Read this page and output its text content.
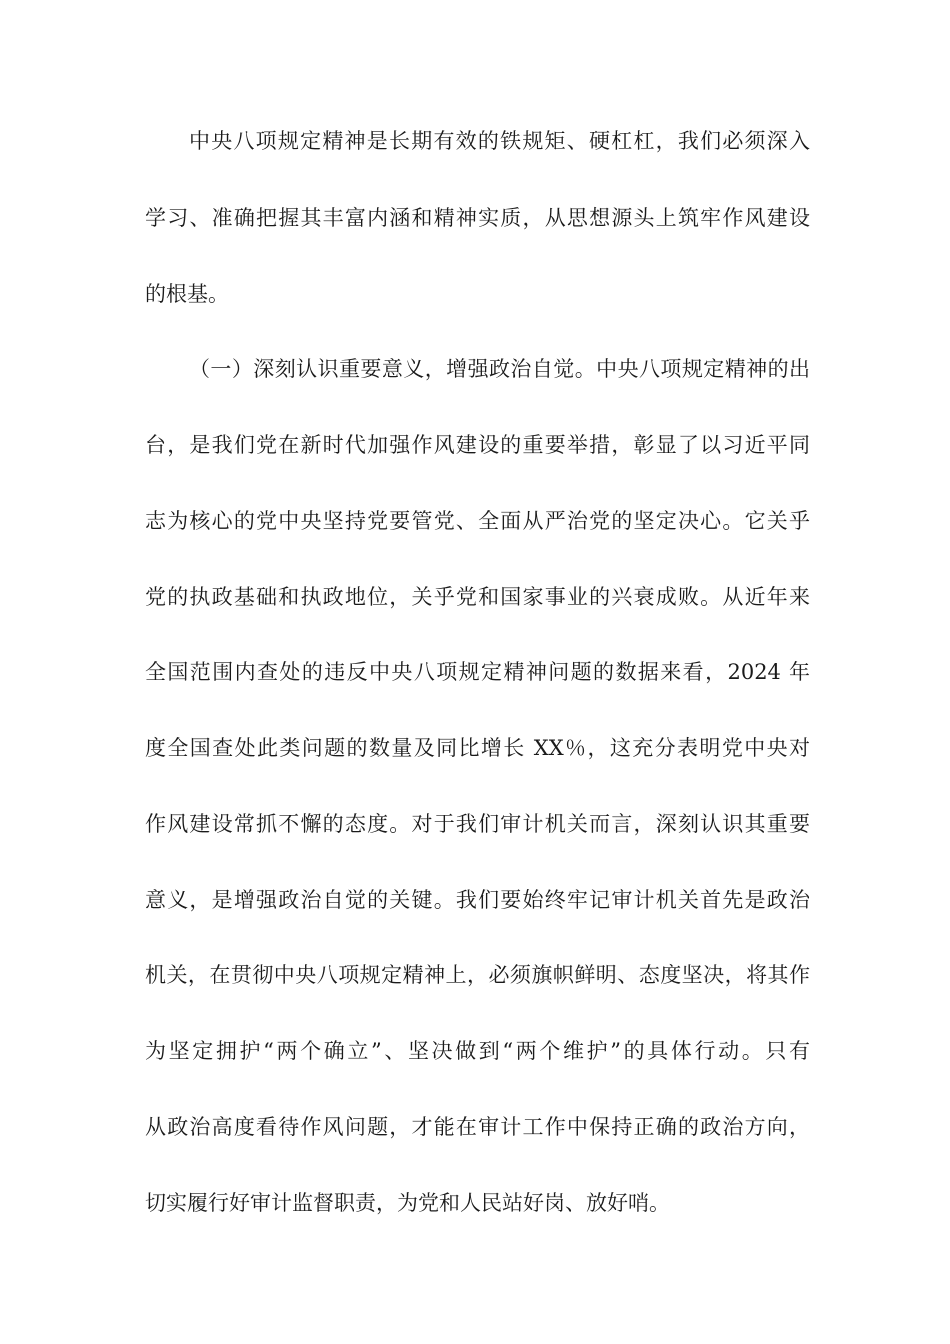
中央八项规定精神是长期有效的铁规矩、硬杠杠，我们必须深入
学习、准确把握其丰富内涵和精神实质，从思想源头上筑牢作风建设
的根基。
（一）深刻认识重要意义，增强政治自觉。中央八项规定精神的出
台，是我们党在新时代加强作风建设的重要举措，彰显了以习近平同
志为核心的党中央坚持党要管党、全面从严治党的坚定决心。它关乎
党的执政基础和执政地位，关乎党和国家事业的兴衰成败。从近年来
全国范围内查处的违反中央八项规定精神问题的数据来看，2024 年
度全国查处此类问题的数量及同比增长 XX％，这充分表明党中央对
作风建设常抓不懈的态度。对于我们审计机关而言，深刻认识其重要
意义，是增强政治自觉的关键。我们要始终牢记审计机关首先是政治
机关，在贯彻中央八项规定精神上，必须旗帜鲜明、态度坚决，将其作
为坚定拥护“两个确立”、坚决做到“两个维护”的具体行动。只有
从政治高度看待作风问题，才能在审计工作中保持正确的政治方向，
切实履行好审计监督职责，为党和人民站好岗、放好哨。
